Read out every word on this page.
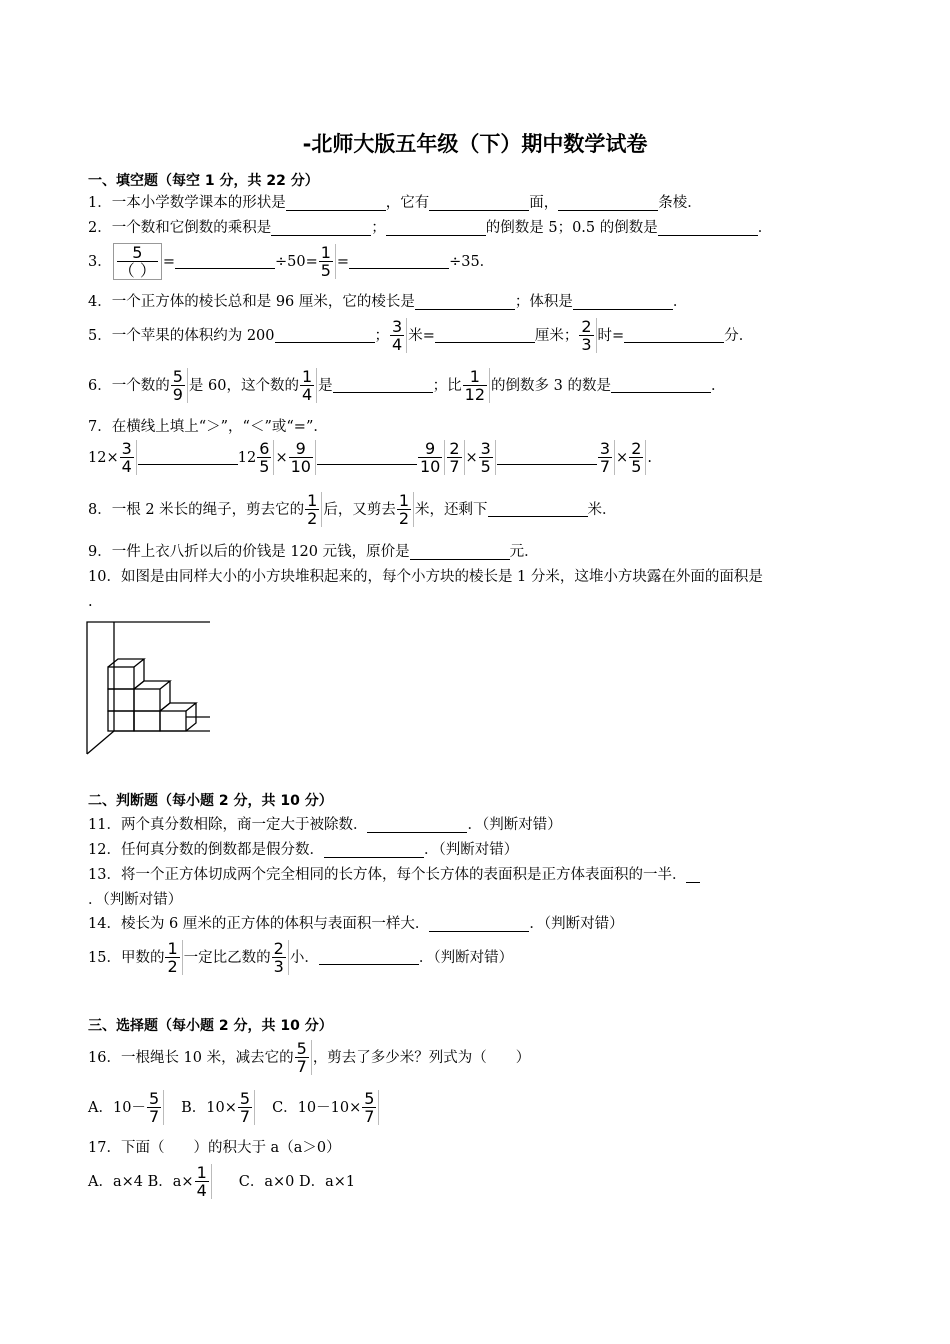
-北师大版五年级（下）期中数学试卷
一、填空题（每空 1 分，共 22 分）
1．一本小学数学课本的形状是	，它有	面，	条棱．
2．一个数和它倒数的乘积是	；	的倒数是 5；0.5 的倒数是	．
3． $\frac{5}{( )}$ =	$\div 50= \frac{1}{5}$ =	÷35．
4．一个正方体的棱长总和是 96 厘米，它的棱长是	；体积是	．
5．一个苹果的体积约为 200	； $\frac{3}{4}$ 米=	厘米； $\frac{2}{3}$ 时=	分．
6．一个数的 $\frac{5}{9}$ 是 60，这个数的 $\frac{1}{4}$ 是	；比 $\frac{1}{12}$ 的倒数多 3 的数是	．
7．在横线上填上“＞”，“＜”或“=”．
$12\times \frac{3}{4}$	$12 \frac{6}{5} \times \frac{9}{10}$	$\frac{9}{10} \frac{2}{7} \times \frac{3}{5}$	$\frac{3}{7} \times \frac{2}{5}$ .
8．一根 2 米长的绳子，剪去它的 $\frac{1}{2}$ 后，又剪去 $\frac{1}{2}$ 米，还剩下	米．
9．一件上衣八折以后的价钱是 120 元钱，原价是	元．
10．如图是由同样大小的小方块堆积起来的，每个小方块的棱长是 1 分米，这堆小方块露在外面的面积是
.
二、判断题（每小题 2 分，共 10 分）
11．两个真分数相除，商一定大于被除数．	．（判断对错）
12．任何真分数的倒数都是假分数．	．（判断对错）
13．将一个正方体切成两个完全相同的长方体，每个长方体的表面积是正方体表面积的一半．
．（判断对错）
14．棱长为 6 厘米的正方体的体积与表面积一样大．	．（判断对错）
15．甲数的 $\frac{1}{2}$ 一定比乙数的 $\frac{2}{3}$ 小．	．（判断对错）
三、选择题（每小题 2 分，共 10 分）
16．一根绳长 10 米，减去它的 $\frac{5}{7}$ ，剪去了多少米？列式为（　　）
A．$10- \frac{5}{7}$ B．$10\times \frac{5}{7}$ C．$10-10\times \frac{5}{7}$
17．下面（　　）的积大于 a（a＞0）
A．a×4 B．$a\times \frac{1}{4}$ C．a×0 D．a×1
